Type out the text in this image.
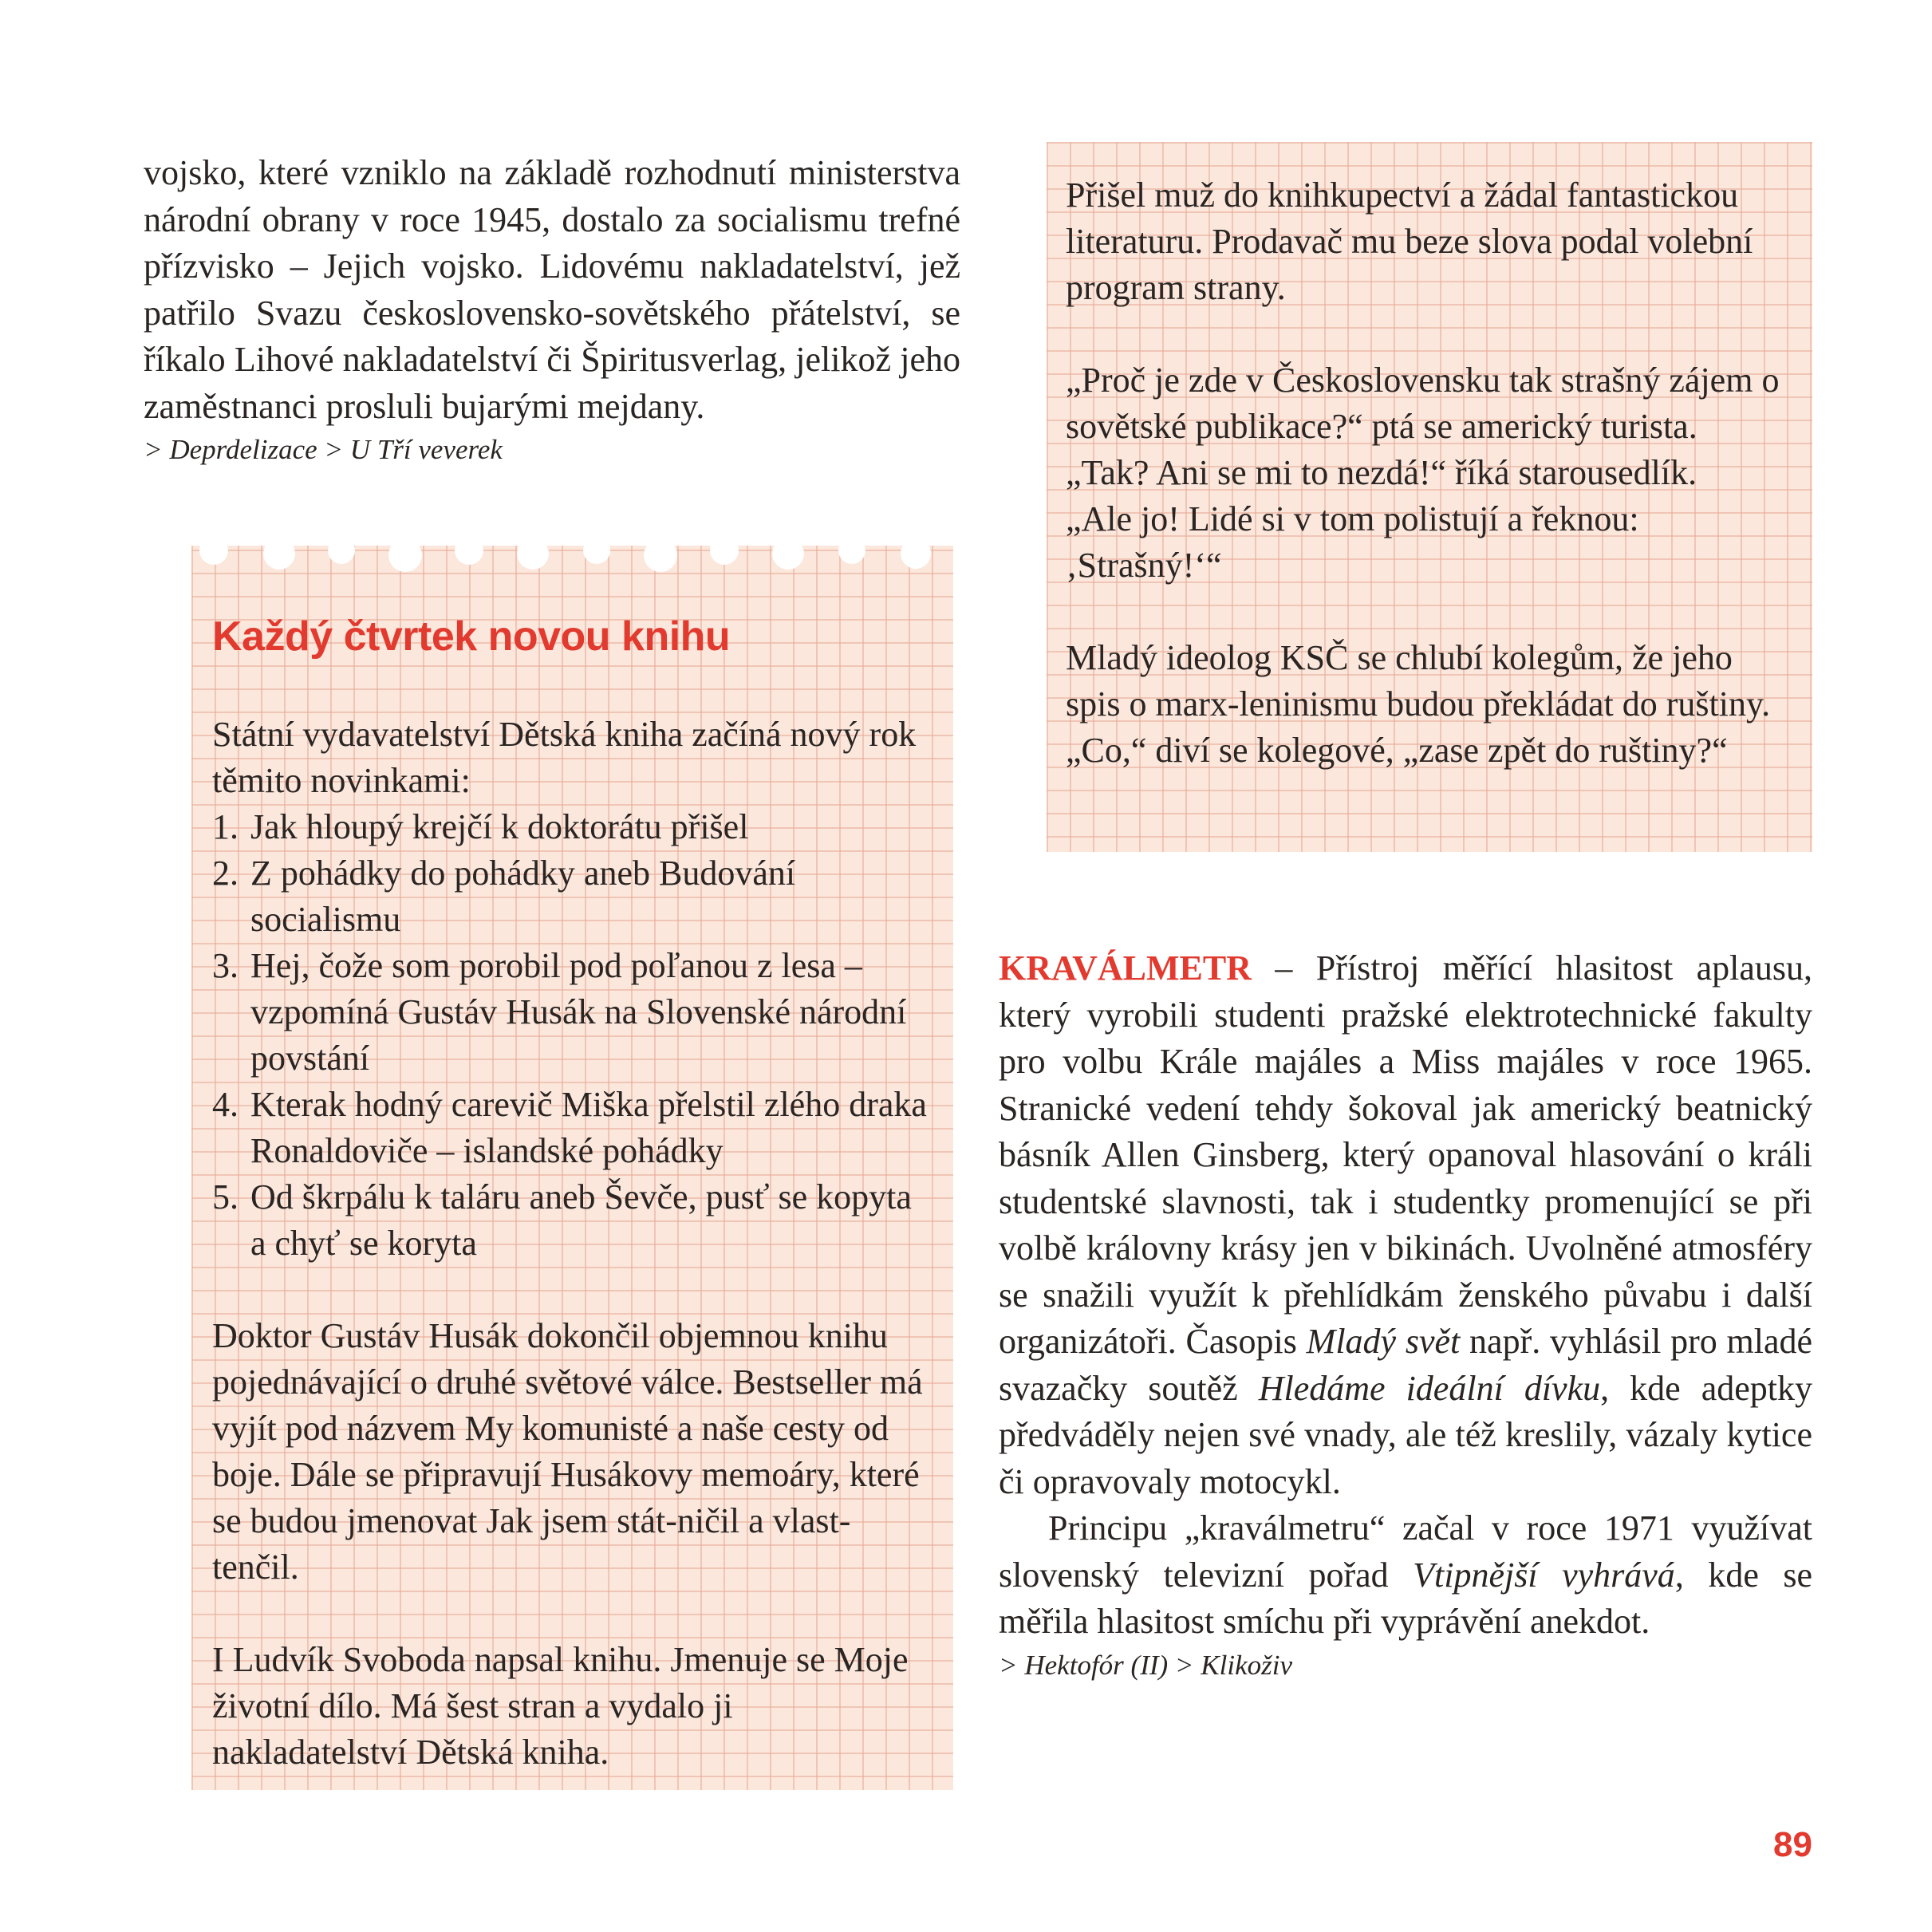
vojsko, které vzniklo na základě rozhodnutí ministerstva národní obrany v roce 1945, dostalo za socialismu trefné přízvisko – Jejich vojsko. Lidovému nakladatelství, jež patřilo Svazu československo-sovětského přátelství, se říkalo Lihové nakladatelství či Špiritusverlag, jelikož jeho zaměstnanci prosluli bujarými mejdany.

> Deprdelizace > U Tří veverek
Každý čtvrtek novou knihu

Státní vydavatelství Dětská kniha začíná nový rok těmito novinkami:

1. Jak hloupý krejčí k doktorátu přišel
2. Z pohádky do pohádky aneb Budování socialismu
3. Hej, čože som porobil pod poľanou z lesa – vzpomíná Gustáv Husák na Slovenské národní povstání
4. Kterak hodný carevič Miška přelstil zlého draka Ronaldoviče – islandské pohádky
5. Od škrpálu k taláru aneb Ševče, pusť se kopyta a chyť se koryta

Doktor Gustáv Husák dokončil objemnou knihu pojednávající o druhé světové válce. Bestseller má vyjít pod názvem My komunisté a naše cesty od boje. Dále se připravují Husákovy memoáry, které se budou jmenovat Jak jsem stát-ničil a vlast-tenčil.

I Ludvík Svoboda napsal knihu. Jmenuje se Moje životní dílo. Má šest stran a vydalo ji nakladatelství Dětská kniha.

Přišel muž do knihkupectví a žádal fantastickou literaturu. Prodavač mu beze slova podal volební program strany.

„Proč je zde v Československu tak strašný zájem o sovětské publikace?“ ptá se americký turista.

„Tak? Ani se mi to nezdá!“ říká starousedlík.

„Ale jo! Lidé si v tom polistují a řeknou: ‚Strašný!‘“

Mladý ideolog KSČ se chlubí kolegům, že jeho spis o marx-leninismu budou překládat do ruštiny.

„Co,“ diví se kolegové, „zase zpět do ruštiny?“

KRAVÁLMETR – Přístroj měřící hlasitost aplausu, který vyrobili studenti pražské elektrotechnické fakulty pro volbu Krále majáles a Miss majáles v roce 1965. Stranické vedení tehdy šokoval jak americký beatnický básník Allen Ginsberg, který opanoval hlasování o králi studentské slavnosti, tak i studentky promenující se při volbě královny krásy jen v bikinách. Uvolněné atmosféry se snažili využít k přehlídkám ženského půvabu i další organizátoři. Časopis Mladý svět např. vyhlásil pro mladé svazačky soutěž Hledáme ideální dívku, kde adeptky předváděly nejen své vnady, ale též kreslily, vázaly kytice či opravovaly motocykl.

Principu „kraválmetru“ začal v roce 1971 využívat slovenský televizní pořad Vtipnější vyhrává, kde se měřila hlasitost smíchu při vyprávění anekdot.

> Hektofór (II) > Klikoživ
89
